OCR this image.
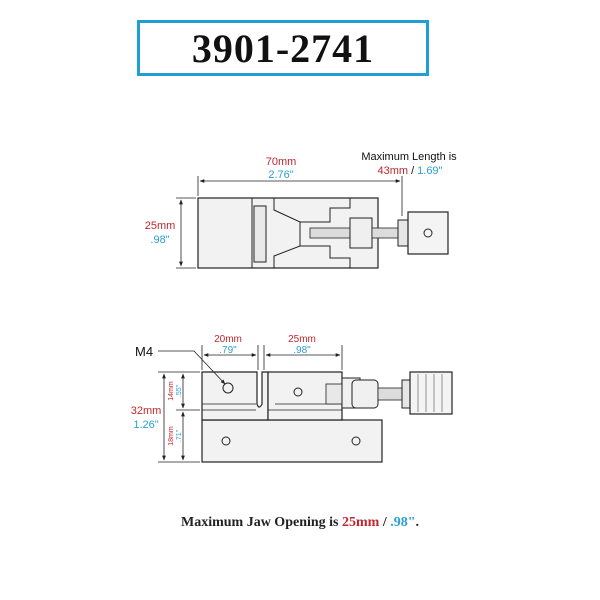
3901-2741
70mm
2.76"
Maximum Length is
43mm / 1.69"
25mm
.98"
M4
20mm
.79"
25mm
.98"
32mm
1.26"
14mm .55"
18mm .71"
Maximum Jaw Opening is 25mm / .98".
